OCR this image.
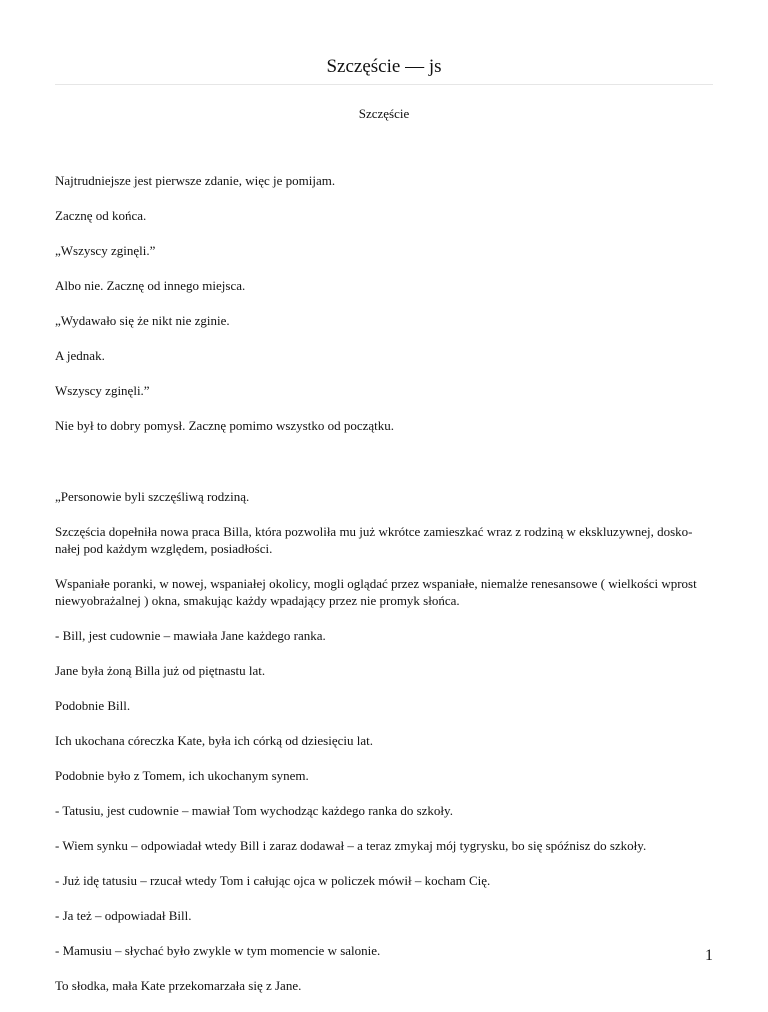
Szczęście — js
Szczęście

Najtrudniejsze jest pierwsze zdanie, więc je pomijam.

Zacznę od końca.

„Wszyscy zginęli.”

Albo nie. Zacznę od innego miejsca.

„Wydawało się że nikt nie zginie.

A jednak.

Wszyscy zginęli.”

Nie był to dobry pomysł. Zacznę pomimo wszystko od początku.

„Personowie byli szczęśliwą rodziną.

Szczęścia dopełniła nowa praca Billa, która pozwoliła mu już wkrótce zamieszkać wraz z rodziną w ekskluzywnej, dosko-nałej pod każdym względem, posiadłości.

Wspaniałe poranki, w nowej, wspaniałej okolicy, mogli oglądać przez wspaniałe, niemalże renesansowe ( wielkości wprost niewyobrażalnej ) okna, smakując każdy wpadający przez nie promyk słońca.

- Bill, jest cudownie – mawiała Jane każdego ranka.

Jane była żoną Billa już od piętnastu lat.

Podobnie Bill.

Ich ukochana córeczka Kate, była ich córką od dziesięciu lat.

Podobnie było z Tomem, ich ukochanym synem.

- Tatusiu, jest cudownie – mawiał Tom wychodząc każdego ranka do szkoły.

- Wiem synku – odpowiadał wtedy Bill i zaraz dodawał – a teraz zmykaj mój tygrysku, bo się spóźnisz do szkoły.

- Już idę tatusiu – rzucał wtedy Tom i całując ojca w policzek mówił – kocham Cię.

- Ja też – odpowiadał Bill.

- Mamusiu – słychać było zwykle w tym momencie w salonie.

To słodka, mała Kate przekomarzała się z Jane.

1
